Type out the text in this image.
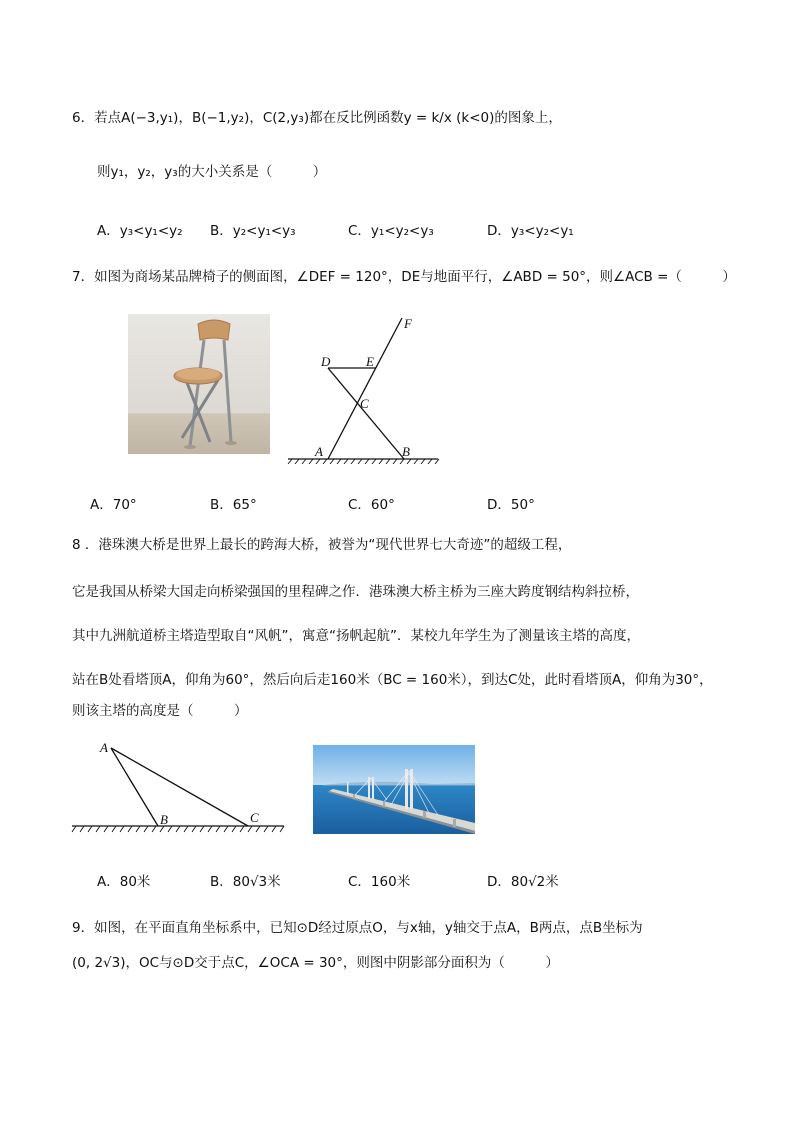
6．若点A(−3,y₁)，B(−1,y₂)，C(2,y₃)都在反比例函数y = k/x (k<0)的图象上，
则y₁，y₂，y₃的大小关系是（　　　）
A．y₃<y₁<y₂ B．y₂<y₁<y₃	C．y₁<y₂<y₃	D．y₃<y₂<y₁
7．如图为商场某品牌椅子的侧面图，∠DEF = 120°，DE与地面平行，∠ABD = 50°，则∠ACB =（　　　）
F
D	E
C
A	B
A．70°	B．65°	C．60°	D．50°
8 ．港珠澳大桥是世界上最长的跨海大桥，被誉为“现代世界七大奇迹”的超级工程，
它是我国从桥梁大国走向桥梁强国的里程碑之作．港珠澳大桥主桥为三座大跨度钢结构斜拉桥，
其中九洲航道桥主塔造型取自“风帆”，寓意“扬帆起航”．某校九年学生为了测量该主塔的高度，
站在B处看塔顶A，仰角为60°，然后向后走160米（BC = 160米），到达C处，此时看塔顶A，仰角为30°，
则该主塔的高度是（　　　）
A
B	C
A．80米	B．80√3米	C．160米	D．80√2米
9．如图，在平面直角坐标系中，已知⊙D经过原点O，与x轴，y轴交于点A，B两点，点B坐标为
(0, 2√3)，OC与⊙D交于点C，∠OCA = 30°，则图中阴影部分面积为（　　　）
